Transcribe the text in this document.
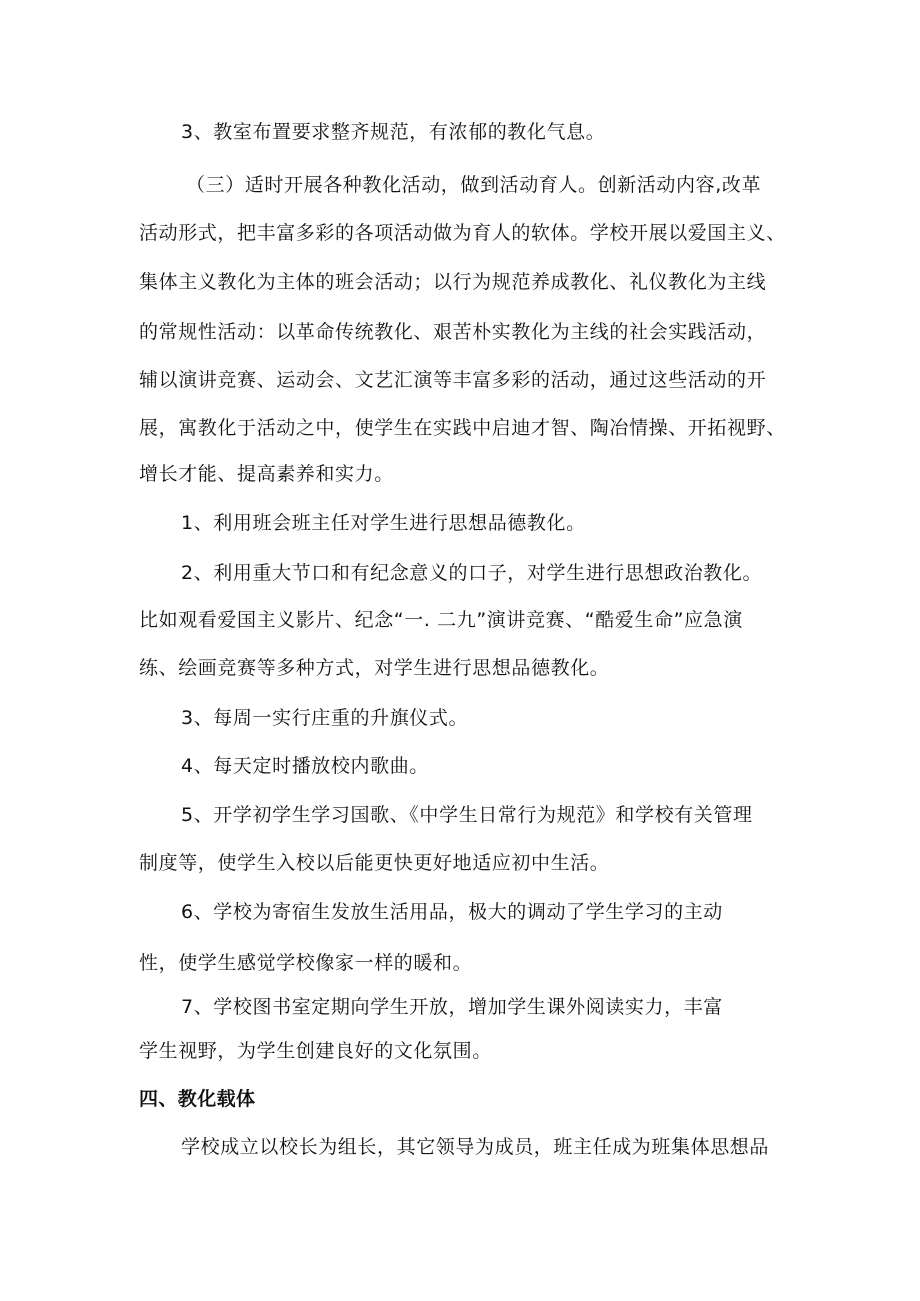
3、教室布置要求整齐规范，有浓郁的教化气息。
（三）适时开展各种教化活动，做到活动育人。创新活动内容,改革
活动形式，把丰富多彩的各项活动做为育人的软体。学校开展以爱国主义、
集体主义教化为主体的班会活动；以行为规范养成教化、礼仪教化为主线
的常规性活动：以革命传统教化、艰苦朴实教化为主线的社会实践活动，
辅以演讲竞赛、运动会、文艺汇演等丰富多彩的活动，通过这些活动的开
展，寓教化于活动之中，使学生在实践中启迪才智、陶冶情操、开拓视野、
增长才能、提高素养和实力。
1、利用班会班主任对学生进行思想品德教化。
2、利用重大节口和有纪念意义的口子，对学生进行思想政治教化。
比如观看爱国主义影片、纪念“一. 二九”演讲竞赛、“酷爱生命”应急演
练、绘画竞赛等多种方式，对学生进行思想品德教化。
3、每周一实行庄重的升旗仪式。
4、每天定时播放校内歌曲。
5、开学初学生学习国歌、《中学生日常行为规范》和学校有关管理
制度等，使学生入校以后能更快更好地适应初中生活。
6、学校为寄宿生发放生活用品，极大的调动了学生学习的主动
性，使学生感觉学校像家一样的暖和。
7、学校图书室定期向学生开放，增加学生课外阅读实力，丰富
学生视野，为学生创建良好的文化氛围。
四、教化载体
学校成立以校长为组长，其它领导为成员，班主任成为班集体思想品
